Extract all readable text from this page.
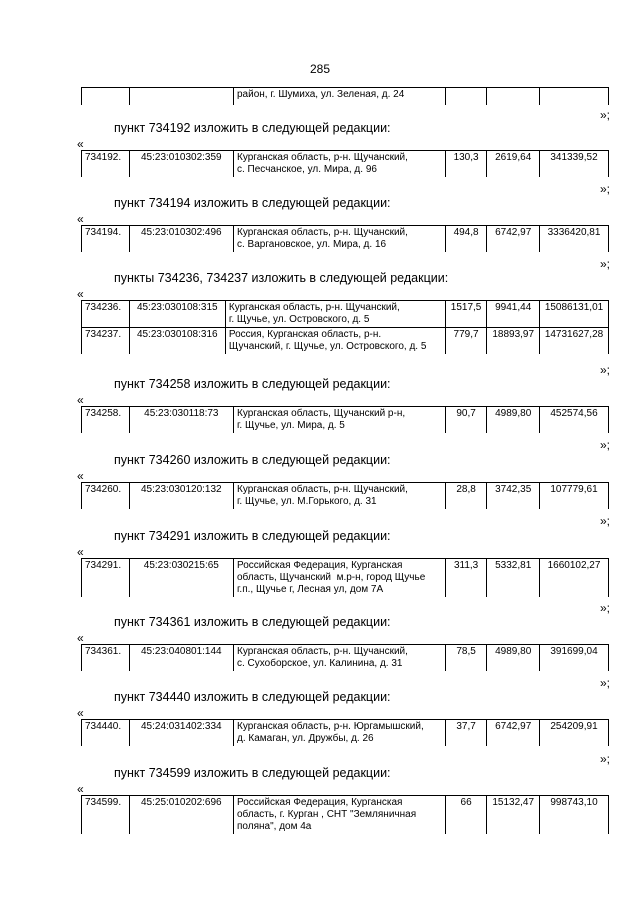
285
		район, г. Шумиха, ул. Зеленая, д. 24			
»;
пункт 734192 изложить в следующей редакции:
«
734192.	45:23:010302:359	Курганская область, р-н. Щучанский,
с. Песчанское, ул. Мира, д. 96
	130,3	2619,64	341339,52
»;
пункт 734194 изложить в следующей редакции:
«
734194.	45:23:010302:496	Курганская область, р-н. Щучанский,
с. Варгановское, ул. Мира, д. 16
	494,8	6742,97	3336420,81
»;
пункты 734236, 734237 изложить в следующей редакции:
«
734236.	45:23:030108:315	Курганская область, р-н. Щучанский,
г. Щучье, ул. Островского, д. 5	1517,5	9941,44	15086131,01
734237.	45:23:030108:316	Россия, Курганская область, р-н.
Щучанский, г. Щучье, ул. Островского, д. 5	779,7	18893,97	14731627,28
»;
пункт 734258 изложить в следующей редакции:
«
734258.	45:23:030118:73	Курганская область, Щучанский р-н,
г. Щучье, ул. Мира, д. 5
	90,7	4989,80	452574,56
»;
пункт 734260 изложить в следующей редакции:
«
734260.	45:23:030120:132	Курганская область, р-н. Щучанский,
г. Щучье, ул. М.Горького, д. 31
	28,8	3742,35	107779,61
»;
пункт 734291 изложить в следующей редакции:
«
734291.	45:23:030215:65	Российская Федерация, Курганская
область, Щучанский  м.р-н, город Щучье
г.п., Щучье г, Лесная ул, дом 7А
	311,3	5332,81	1660102,27
»;
пункт 734361 изложить в следующей редакции:
«
734361.	45:23:040801:144	Курганская область, р-н. Щучанский,
с. Сухоборское, ул. Калинина, д. 31
	78,5	4989,80	391699,04
»;
пункт 734440 изложить в следующей редакции:
«
734440.	45:24:031402:334	Курганская область, р-н. Юргамышский,
д. Камаган, ул. Дружбы, д. 26
	37,7	6742,97	254209,91
»;
пункт 734599 изложить в следующей редакции:
«
734599.	45:25:010202:696	Российская Федерация, Курганская
область, г. Курган , СНТ "Земляничная
поляна", дом 4а
	66	15132,47	998743,10
